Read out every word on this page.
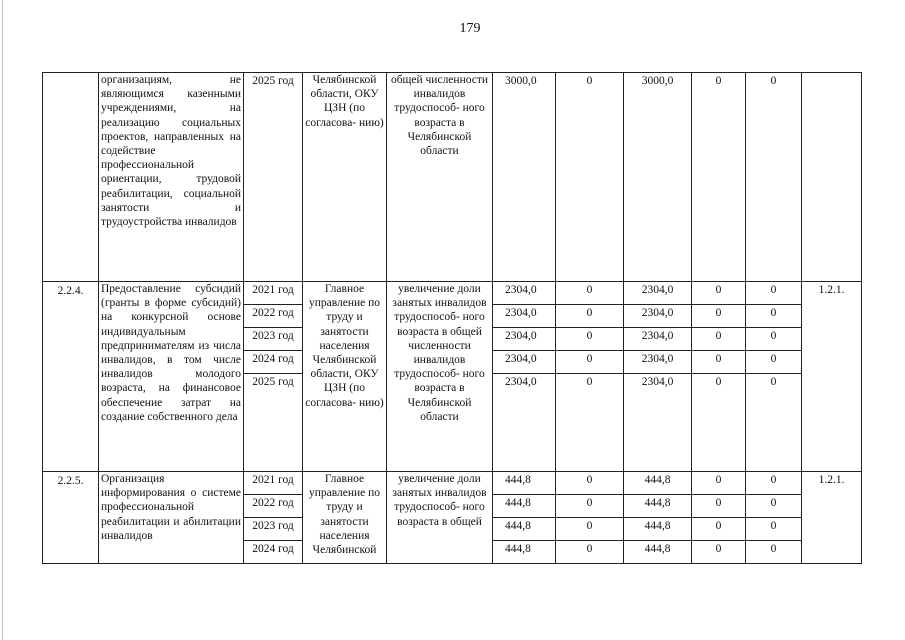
179
	организациям, не являющимся казенными учреждениями, на реализацию социальных проектов, направленных на содействие профессиональной ориентации, трудовой реабилитации, социальной занятости и трудоустройства инвалидов	2025 год	Челябинской области, ОКУ ЦЗН (по согласова- нию)	общей численности инвалидов трудоспособ- ного возраста в Челябинской области	3000,0	0	3000,0	0	0	
2.2.4.	Предоставление субсидий (гранты в форме субсидий) на конкурсной основе индивидуальным предпринимателям из числа инвалидов, в том числе инвалидов молодого возраста, на финансовое обеспечение затрат на создание собственного дела	2021 год	Главное управление по труду и занятости населения Челябинской области, ОКУ ЦЗН (по согласова- нию)	увеличение доли занятых инвалидов трудоспособ- ного возраста в общей численности инвалидов трудоспособ- ного возраста в Челябинской области	2304,0	0	2304,0	0	0	1.2.1.
		2022 год			2304,0	0	2304,0	0	0	
		2023 год			2304,0	0	2304,0	0	0	
		2024 год			2304,0	0	2304,0	0	0	
		2025 год			2304,0	0	2304,0	0	0	
2.2.5.	Организация информирования о системе профессиональной реабилитации и абилитации инвалидов	2021 год	Главное управление по труду и занятости населения Челябинской	увеличение доли занятых инвалидов трудоспособ- ного возраста в общей	444,8	0	444,8	0	0	1.2.1.
		2022 год			444,8	0	444,8	0	0	
		2023 год			444,8	0	444,8	0	0	
		2024 год			444,8	0	444,8	0	0	
